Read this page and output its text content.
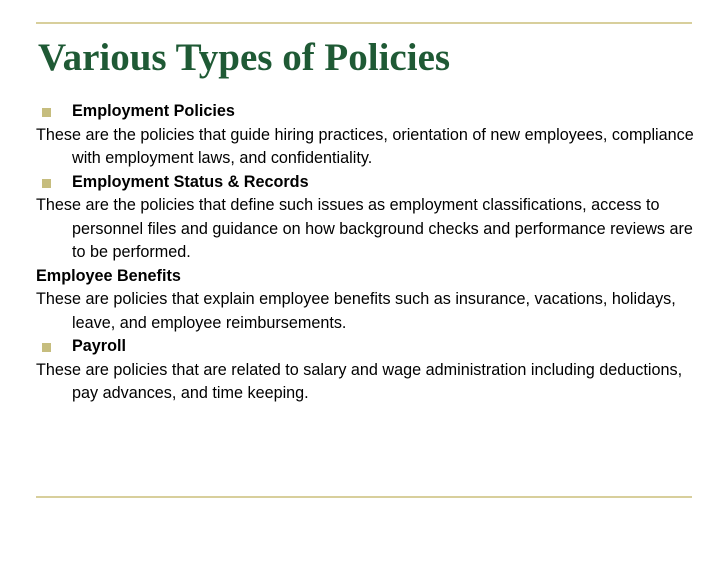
Various Types of Policies
Employment Policies
These are the policies that guide hiring practices, orientation of new employees, compliance with employment laws, and confidentiality.
Employment Status & Records
These are the policies that define such issues as employment classifications, access to personnel files and guidance on how background checks and performance reviews are to be performed.
Employee Benefits
These are policies that explain employee benefits such as insurance, vacations, holidays, leave, and employee reimbursements.
Payroll
These are policies that are related to salary and wage administration including deductions, pay advances, and time keeping.
